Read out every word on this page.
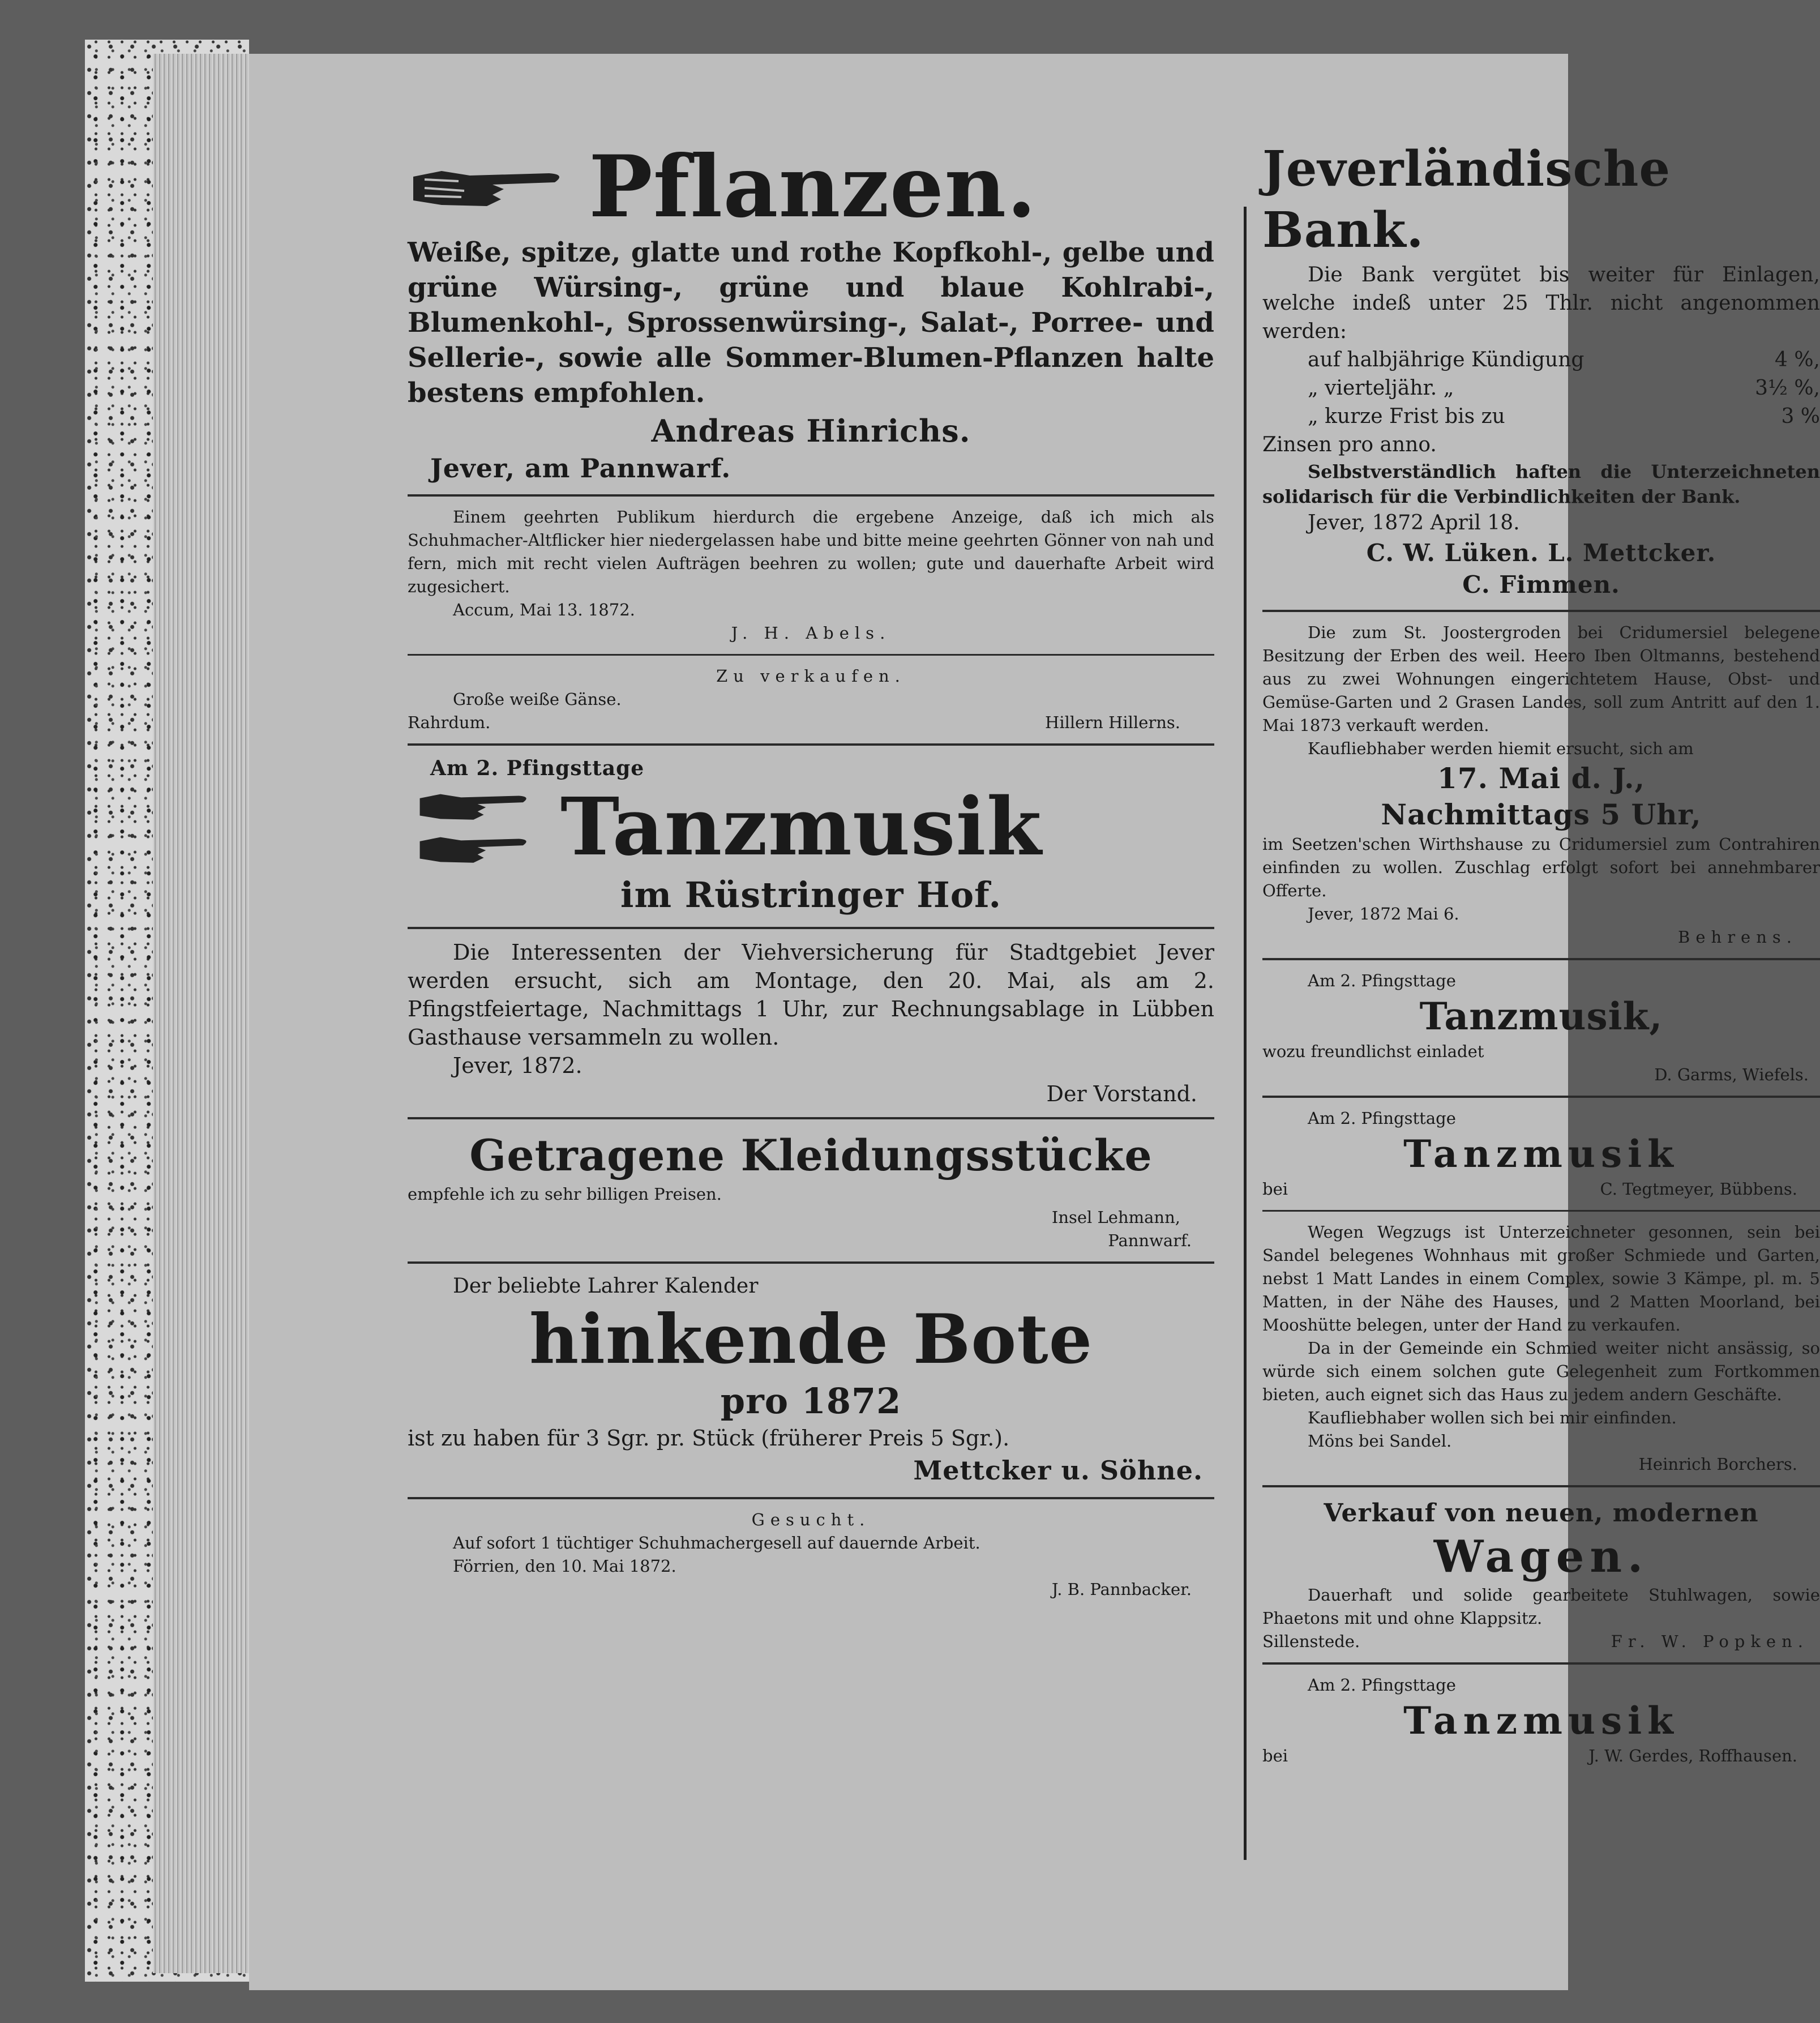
Pflanzen.

Weiße, spitze, glatte und rothe Kopfkohl-, gelbe und grüne Würsing-, grüne und blaue Kohlrabi-, Blumenkohl-, Sprossenwürsing-, Salat-, Porree- und Sellerie-, sowie alle Sommer-Blumen-Pflanzen halte bestens empfohlen.

Andreas Hinrichs.

Jever, am Pannwarf.

Einem geehrten Publikum hierdurch die ergebene Anzeige, daß ich mich als Schuhmacher-Altflicker hier niedergelassen habe und bitte meine geehrten Gönner von nah und fern, mich mit recht vielen Aufträgen beehren zu wollen; gute und dauerhafte Arbeit wird zugesichert.

Accum, Mai 13. 1872.

J. H. Abels.

Zu verkaufen.

Große weiße Gänse.

Rahrdum.	Hillern Hillerns.

Am 2. Pfingsttage

Tanzmusik

im Rüstringer Hof.

Die Interessenten der Viehversicherung für Stadtgebiet Jever werden ersucht, sich am Montage, den 20. Mai, als am 2. Pfingstfeiertage, Nachmittags 1 Uhr, zur Rechnungsablage in Lübben Gasthause versammeln zu wollen.

Jever, 1872.

Der Vorstand.

Getragene Kleidungsstücke

empfehle ich zu sehr billigen Preisen.

Insel Lehmann,

Pannwarf.

Der beliebte Lahrer Kalender

hinkende Bote

pro 1872

ist zu haben für 3 Sgr. pr. Stück (früherer Preis 5 Sgr.).

Mettcker u. Söhne.

Gesucht.

Auf sofort 1 tüchtiger Schuhmachergesell auf dauernde Arbeit.

Förrien, den 10. Mai 1872.

J. B. Pannbacker.

Jeverländische Bank.

Die Bank vergütet bis weiter für Einlagen, welche indeß unter 25 Thlr. nicht angenommen werden:

auf halbjährige Kündigung	4 %,
„ vierteljähr. „	3½ %,
„ kurze Frist bis zu	3 %

Zinsen pro anno.

Selbstverständlich haften die Unterzeichneten solidarisch für die Verbindlichkeiten der Bank.

Jever, 1872 April 18.

C. W. Lüken. L. Mettcker.

C. Fimmen.

Die zum St. Joostergroden bei Cridumersiel belegene Besitzung der Erben des weil. Heero Iben Oltmanns, bestehend aus zu zwei Wohnungen eingerichtetem Hause, Obst- und Gemüse-Garten und 2 Grasen Landes, soll zum Antritt auf den 1. Mai 1873 verkauft werden.

Kaufliebhaber werden hiemit ersucht, sich am

17. Mai d. J.,

Nachmittags 5 Uhr,

im Seetzen'schen Wirthshause zu Cridumersiel zum Contrahiren einfinden zu wollen. Zuschlag erfolgt sofort bei annehmbarer Offerte.

Jever, 1872 Mai 6.

Behrens.

Am 2. Pfingsttage

Tanzmusik,

wozu freundlichst einladet

D. Garms, Wiefels.

Am 2. Pfingsttage

Tanzmusik
bei	C. Tegtmeyer, Bübbens.

Wegen Wegzugs ist Unterzeichneter gesonnen, sein bei Sandel belegenes Wohnhaus mit großer Schmiede und Garten, nebst 1 Matt Landes in einem Complex, sowie 3 Kämpe, pl. m. 5 Matten, in der Nähe des Hauses, und 2 Matten Moorland, bei Mooshütte belegen, unter der Hand zu verkaufen.

Da in der Gemeinde ein Schmied weiter nicht ansässig, so würde sich einem solchen gute Gelegenheit zum Fortkommen bieten, auch eignet sich das Haus zu jedem andern Geschäfte.

Kaufliebhaber wollen sich bei mir einfinden.

Möns bei Sandel.

Heinrich Borchers.

Verkauf von neuen, modernen

Wagen.

Dauerhaft und solide gearbeitete Stuhlwagen, sowie Phaetons mit und ohne Klappsitz.

Sillenstede.	Fr. W. Popken.

Am 2. Pfingsttage

Tanzmusik
bei	J. W. Gerdes, Roffhausen.
